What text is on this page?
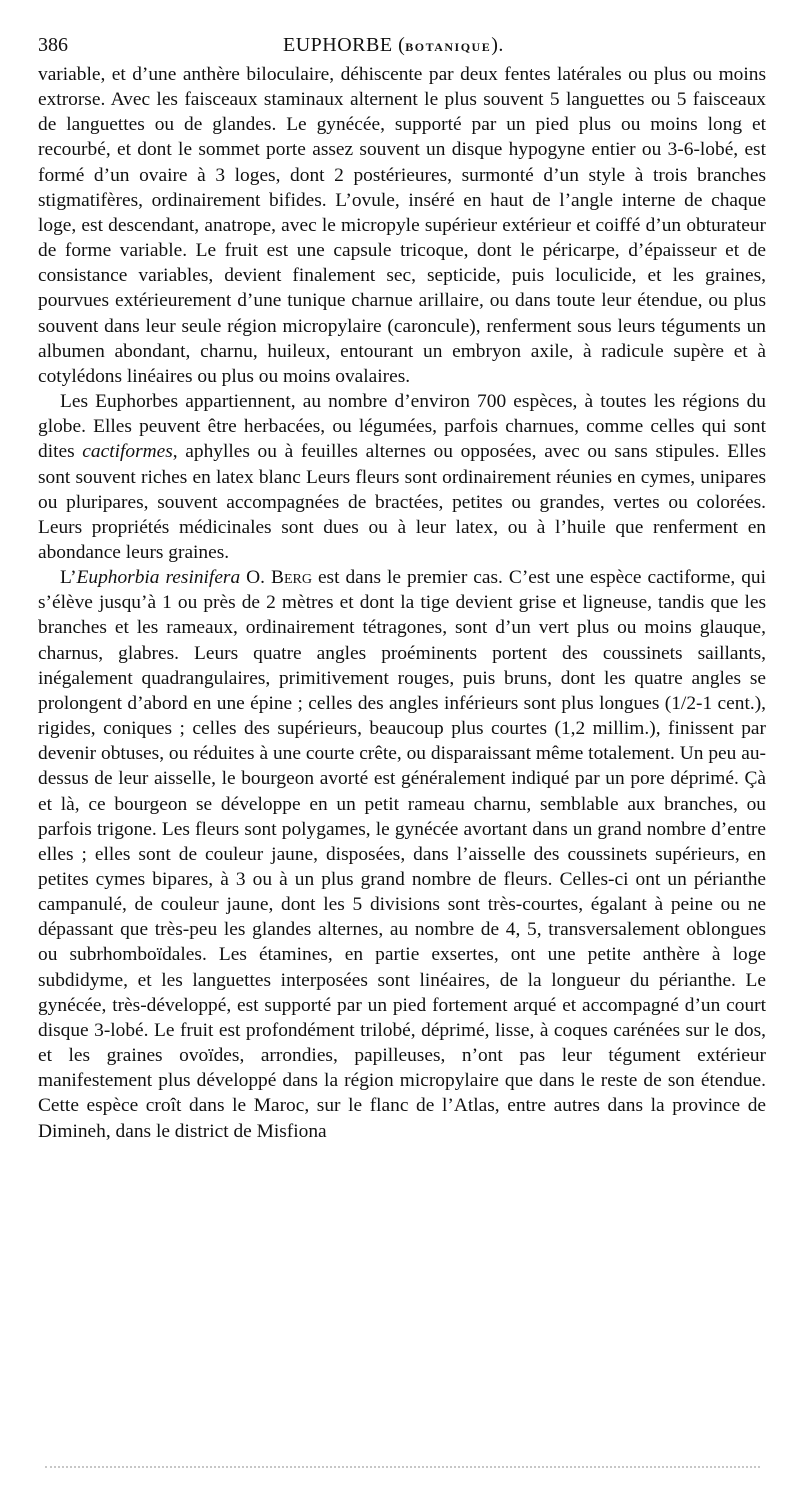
386	EUPHORBE (BOTANIQUE).

variable, et d’une anthère biloculaire, déhiscente par deux fentes latérales ou plus ou moins extrorse. Avec les faisceaux staminaux alternent le plus souvent 5 languettes ou 5 faisceaux de languettes ou de glandes. Le gynécée, supporté par un pied plus ou moins long et recourbé, et dont le sommet porte assez souvent un disque hypogyne entier ou 3-6-lobé, est formé d’un ovaire à 3 loges, dont 2 postérieures, surmonté d’un style à trois branches stigmatifères, ordinairement bifides. L’ovule, inséré en haut de l’angle interne de chaque loge, est descendant, anatrope, avec le micropyle supérieur extérieur et coiffé d’un obturateur de forme variable. Le fruit est une capsule tricoque, dont le péricarpe, d’épaisseur et de consistance variables, devient finalement sec, septicide, puis loculicide, et les graines, pourvues extérieurement d’une tunique charnue arillaire, ou dans toute leur étendue, ou plus souvent dans leur seule région micropylaire (caroncule), renferment sous leurs téguments un albumen abondant, charnu, huileux, entourant un embryon axile, à radicule supère et à cotylédons linéaires ou plus ou moins ovalaires.

Les Euphorbes appartiennent, au nombre d’environ 700 espèces, à toutes les régions du globe. Elles peuvent être herbacées, ou légumées, parfois charnues, comme celles qui sont dites cactiformes, aphylles ou à feuilles alternes ou opposées, avec ou sans stipules. Elles sont souvent riches en latex blanc Leurs fleurs sont ordinairement réunies en cymes, unipares ou pluripares, souvent accompagnées de bractées, petites ou grandes, vertes ou colorées. Leurs propriétés médicinales sont dues ou à leur latex, ou à l’huile que renferment en abondance leurs graines.

L’Euphorbia resinifera O. Berg est dans le premier cas. C’est une espèce cactiforme, qui s’élève jusqu’à 1 ou près de 2 mètres et dont la tige devient grise et ligneuse, tandis que les branches et les rameaux, ordinairement tétragones, sont d’un vert plus ou moins glauque, charnus, glabres. Leurs quatre angles proéminents portent des coussinets saillants, inégalement quadrangulaires, primitivement rouges, puis bruns, dont les quatre angles se prolongent d’abord en une épine ; celles des angles inférieurs sont plus longues (1/2-1 cent.), rigides, coniques ; celles des supérieurs, beaucoup plus courtes (1,2 millim.), finissent par devenir obtuses, ou réduites à une courte crête, ou disparaissant même totalement. Un peu au-dessus de leur aisselle, le bourgeon avorté est généralement indiqué par un pore déprimé. Çà et là, ce bourgeon se développe en un petit rameau charnu, semblable aux branches, ou parfois trigone. Les fleurs sont polygames, le gynécée avortant dans un grand nombre d’entre elles ; elles sont de couleur jaune, disposées, dans l’aisselle des coussinets supérieurs, en petites cymes bipares, à 3 ou à un plus grand nombre de fleurs. Celles-ci ont un périanthe campanulé, de couleur jaune, dont les 5 divisions sont très-courtes, égalant à peine ou ne dépassant que très-peu les glandes alternes, au nombre de 4, 5, transversalement oblongues ou subrhomboïdales. Les étamines, en partie exsertes, ont une petite anthère à loge subdidyme, et les languettes interposées sont linéaires, de la longueur du périanthe. Le gynécée, très-développé, est supporté par un pied fortement arqué et accompagné d’un court disque 3-lobé. Le fruit est profondément trilobé, déprimé, lisse, à coques carénées sur le dos, et les graines ovoïdes, arrondies, papilleuses, n’ont pas leur tégument extérieur manifestement plus développé dans la région micropylaire que dans le reste de son étendue. Cette espèce croît dans le Maroc, sur le flanc de l’Atlas, entre autres dans la province de Dimineh, dans le district de Misfiona
